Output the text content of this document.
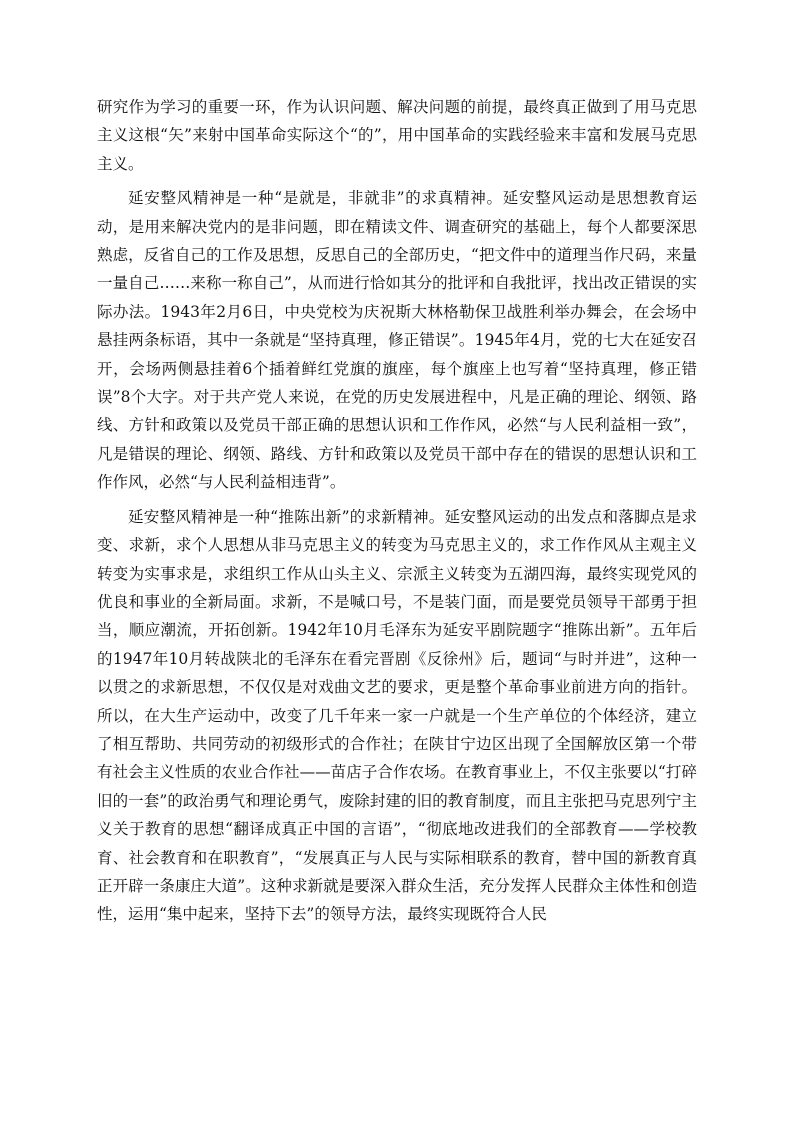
研究作为学习的重要一环，作为认识问题、解决问题的前提，最终真正做到了用马克思主义这根“矢”来射中国革命实际这个“的”，用中国革命的实践经验来丰富和发展马克思主义。

延安整风精神是一种“是就是，非就非”的求真精神。延安整风运动是思想教育运动，是用来解决党内的是非问题，即在精读文件、调查研究的基础上，每个人都要深思熟虑，反省自己的工作及思想，反思自己的全部历史，“把文件中的道理当作尺码，来量一量自己……来称一称自己”，从而进行恰如其分的批评和自我批评，找出改正错误的实际办法。1943年2月6日，中央党校为庆祝斯大林格勒保卫战胜利举办舞会，在会场中悬挂两条标语，其中一条就是“坚持真理，修正错误”。1945年4月，党的七大在延安召开，会场两侧悬挂着6个插着鲜红党旗的旗座，每个旗座上也写着“坚持真理，修正错误”8个大字。对于共产党人来说，在党的历史发展进程中，凡是正确的理论、纲领、路线、方针和政策以及党员干部正确的思想认识和工作作风，必然“与人民利益相一致”，凡是错误的理论、纲领、路线、方针和政策以及党员干部中存在的错误的思想认识和工作作风，必然“与人民利益相违背”。

延安整风精神是一种“推陈出新”的求新精神。延安整风运动的出发点和落脚点是求变、求新，求个人思想从非马克思主义的转变为马克思主义的，求工作作风从主观主义转变为实事求是，求组织工作从山头主义、宗派主义转变为五湖四海，最终实现党风的优良和事业的全新局面。求新，不是喊口号，不是装门面，而是要党员领导干部勇于担当，顺应潮流，开拓创新。1942年10月毛泽东为延安平剧院题字“推陈出新”。五年后的1947年10月转战陕北的毛泽东在看完晋剧《反徐州》后，题词“与时并进”，这种一以贯之的求新思想，不仅仅是对戏曲文艺的要求，更是整个革命事业前进方向的指针。所以，在大生产运动中，改变了几千年来一家一户就是一个生产单位的个体经济，建立了相互帮助、共同劳动的初级形式的合作社；在陕甘宁边区出现了全国解放区第一个带有社会主义性质的农业合作社——苗店子合作农场。在教育事业上，不仅主张要以“打碎旧的一套”的政治勇气和理论勇气，废除封建的旧的教育制度，而且主张把马克思列宁主义关于教育的思想“翻译成真正中国的言语”，“彻底地改进我们的全部教育——学校教育、社会教育和在职教育”，“发展真正与人民与实际相联系的教育，替中国的新教育真正开辟一条康庄大道”。这种求新就是要深入群众生活，充分发挥人民群众主体性和创造性，运用“集中起来，坚持下去”的领导方法，最终实现既符合人民
